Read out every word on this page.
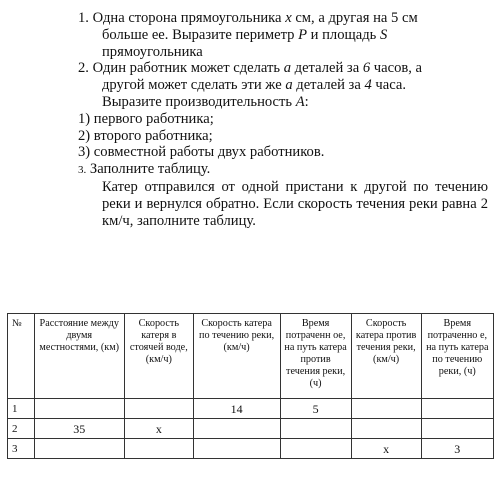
1. Одна сторона прямоугольника x см, а другая на 5 см
больше ее. Выразите периметр P и площадь S
прямоугольника
2. Один работник может сделать a деталей за 6 часов, а
другой может сделать эти же a деталей за 4 часа.
Выразите производительность A:
1) первого работника;
2) второго работника;
3) совместной работы двух работников.
3. Заполните таблицу.
Катер отправился от одной пристани к другой по течению реки и вернулся обратно. Если скорость течения реки равна 2 км/ч, заполните таблицу.
№	Расстояние между двумя местностями, (км)	Скорость катеря в стоячей воде, (км/ч)	Скорость катера по течению реки, (км/ч)	Время потраченн ое, на путь катера против течения реки, (ч)	Скорость катера против течения реки, (км/ч)	Время потраченно е, на путь катера по течению реки, (ч)
1			14	5		
2	35	x				
3					x	3
